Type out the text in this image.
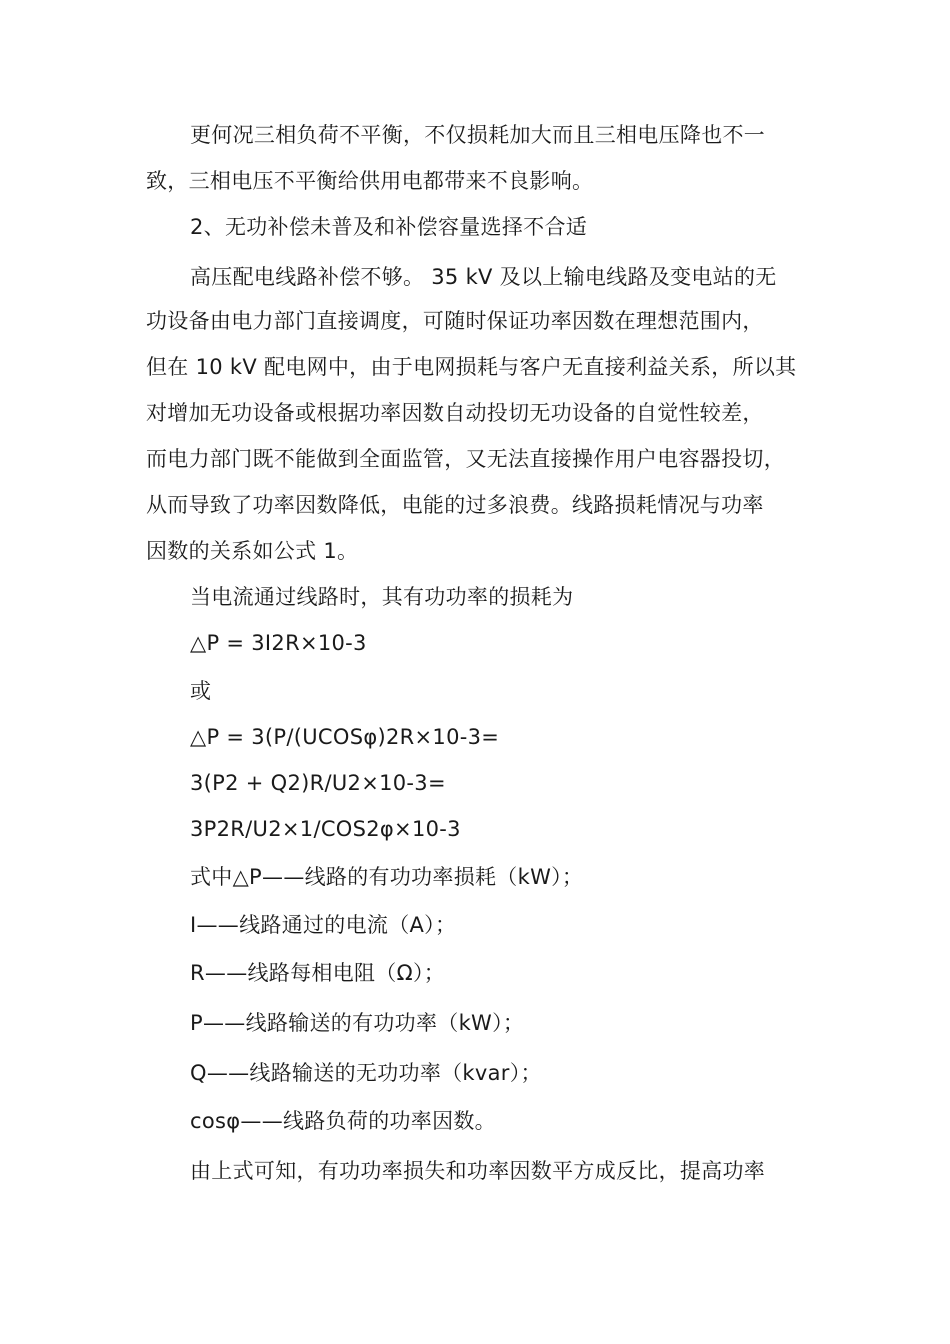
更何况三相负荷不平衡，不仅损耗加大而且三相电压降也不一
致，三相电压不平衡给供用电都带来不良影响。
2、无功补偿未普及和补偿容量选择不合适
高压配电线路补偿不够。 35 kV 及以上输电线路及变电站的无
功设备由电力部门直接调度，可随时保证功率因数在理想范围内，
但在 10 kV 配电网中，由于电网损耗与客户无直接利益关系，所以其
对增加无功设备或根据功率因数自动投切无功设备的自觉性较差，
而电力部门既不能做到全面监管，又无法直接操作用户电容器投切，
从而导致了功率因数降低，电能的过多浪费。线路损耗情况与功率
因数的关系如公式 1。
当电流通过线路时，其有功功率的损耗为
△P = 3I2R×10-3
或
△P = 3(P/(UCOSφ)2R×10-3=
3(P2 + Q2)R/U2×10-3=
3P2R/U2×1/COS2φ×10-3
式中△P——线路的有功功率损耗（kW）；
I——线路通过的电流（A）；
R——线路每相电阻（Ω）；
P——线路输送的有功功率（kW）；
Q——线路输送的无功功率（kvar）；
cosφ——线路负荷的功率因数。
由上式可知，有功功率损失和功率因数平方成反比，提高功率
